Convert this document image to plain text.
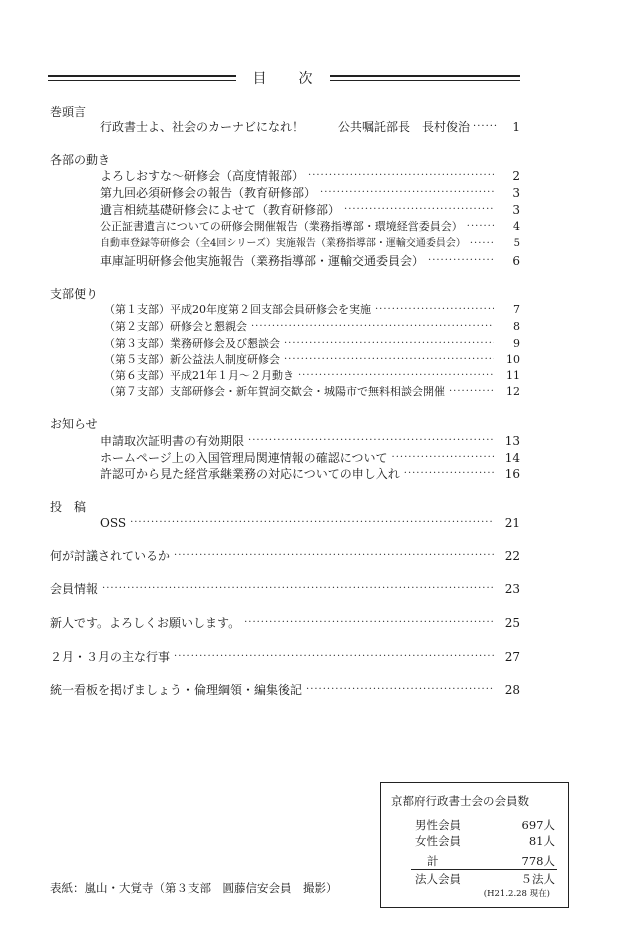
目 次
巻頭言
行政書士よ、社会のカーナビになれ！	公共嘱託部長　長村俊治 ······ 1
各部の動き
よろしおすな〜研修会（高度情報部） ·····	2
第九回必須研修会の報告（教育研修部） ·····	3
遺言相続基礎研修会によせて（教育研修部） ·····	3
公正証書遺言についての研修会開催報告（業務指導部・環境経営委員会） ·····	4
自動車登録等研修会（全4回シリーズ）実施報告（業務指導部・運輸交通委員会） ·····	5
車庫証明研修会他実施報告（業務指導部・運輸交通委員会） ·····	6
支部便り
（第１支部）平成20年度第２回支部会員研修会を実施 ·····	7
（第２支部）研修会と懇親会 ·····	8
（第３支部）業務研修会及び懇談会 ·····	9
（第５支部）新公益法人制度研修会 ·····	10
（第６支部）平成21年１月〜２月動き ·····	11
（第７支部）支部研修会・新年賀詞交歓会・城陽市で無料相談会開催 ·····	12
お知らせ
申請取次証明書の有効期限 ·····	13
ホームページ上の入国管理局関連情報の確認について ·····	14
許認可から見た経営承継業務の対応についての申し入れ ·····	16
投　稿
OSS ·····	21
何が討議されているか ·····	22
会員情報 ·····	23
新人です。よろしくお願いします。 ·····	25
２月・３月の主な行事 ·····	27
統一看板を掲げましょう・倫理綱領・編集後記 ·····	28
京都府行政書士会の会員数
男性会員	697人
女性会員	81人
計	778人
法人会員	５法人
(H21.2.28 現在)
表紙：嵐山・大覚寺（第３支部　圓藤信安会員　撮影）
